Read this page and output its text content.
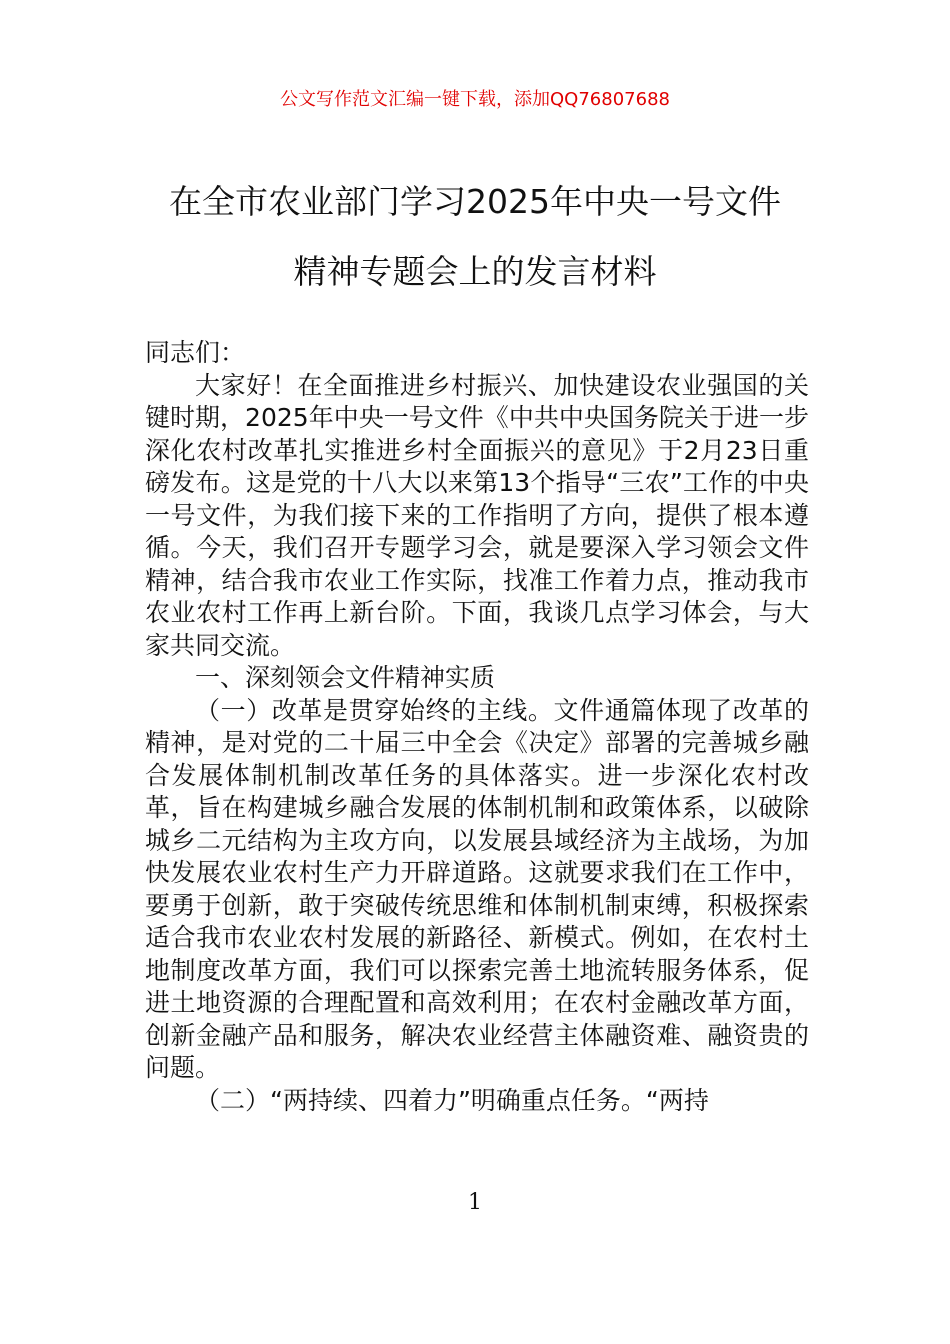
公文写作范文汇编一键下载，添加QQ76807688
在全市农业部门学习2025年中央一号文件
精神专题会上的发言材料

同志们：

大家好！在全面推进乡村振兴、加快建设农业强国的关键时期，2025年中央一号文件《中共中央国务院关于进一步深化农村改革扎实推进乡村全面振兴的意见》于2月23日重磅发布。这是党的十八大以来第13个指导“三农”工作的中央一号文件，为我们接下来的工作指明了方向，提供了根本遵循。今天，我们召开专题学习会，就是要深入学习领会文件精神，结合我市农业工作实际，找准工作着力点，推动我市农业农村工作再上新台阶。下面，我谈几点学习体会，与大家共同交流。

一、深刻领会文件精神实质

（一）改革是贯穿始终的主线。文件通篇体现了改革的精神，是对党的二十届三中全会《决定》部署的完善城乡融合发展体制机制改革任务的具体落实。进一步深化农村改革，旨在构建城乡融合发展的体制机制和政策体系，以破除城乡二元结构为主攻方向，以发展县域经济为主战场，为加快发展农业农村生产力开辟道路。这就要求我们在工作中，要勇于创新，敢于突破传统思维和体制机制束缚，积极探索适合我市农业农村发展的新路径、新模式。例如，在农村土地制度改革方面，我们可以探索完善土地流转服务体系，促进土地资源的合理配置和高效利用；在农村金融改革方面，创新金融产品和服务，解决农业经营主体融资难、融资贵的问题。

（二）“两持续、四着力”明确重点任务。“两持

1
